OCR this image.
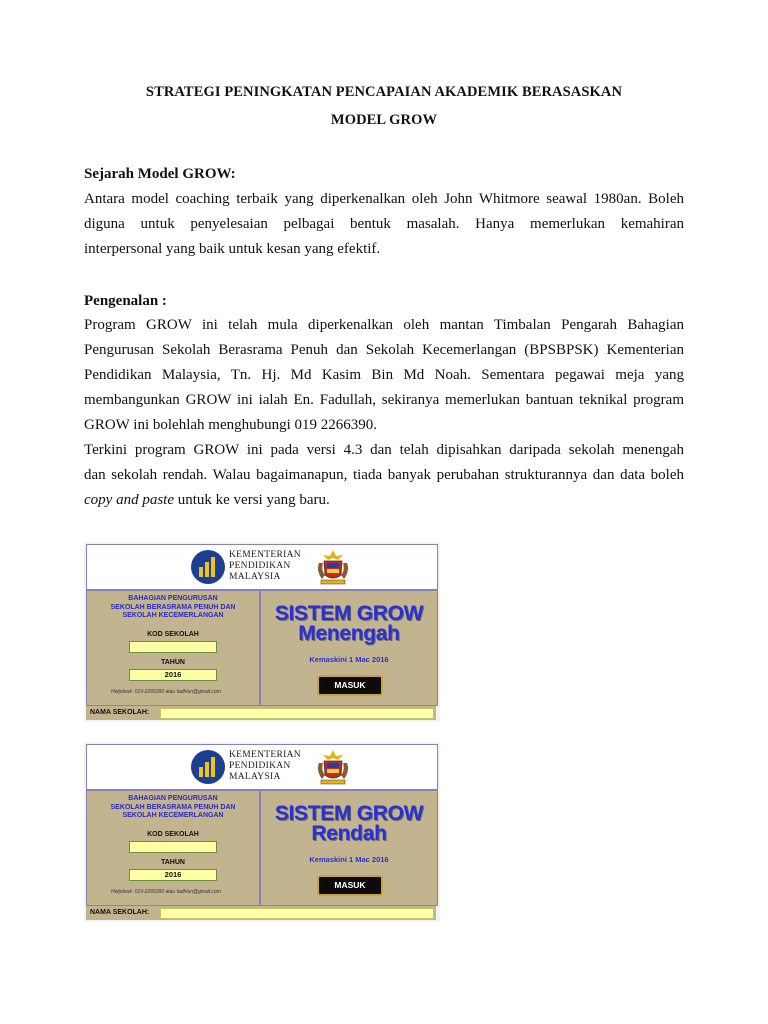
STRATEGI PENINGKATAN PENCAPAIAN AKADEMIK BERASASKAN
MODEL GROW
Sejarah Model GROW:
Antara model coaching terbaik yang diperkenalkan oleh John Whitmore seawal 1980an. Boleh
diguna untuk penyelesaian pelbagai bentuk masalah. Hanya memerlukan kemahiran
interpersonal yang baik untuk kesan yang efektif.
Pengenalan :
Program GROW ini telah mula diperkenalkan oleh mantan Timbalan Pengarah Bahagian
Pengurusan Sekolah Berasrama Penuh dan Sekolah Kecemerlangan (BPSBPSK) Kementerian
Pendidikan Malaysia, Tn. Hj. Md Kasim Bin Md Noah. Sementara pegawai meja yang
membangunkan GROW ini ialah En. Fadullah, sekiranya memerlukan bantuan teknikal program
GROW ini bolehlah menghubungi 019 2266390.
Terkini program GROW ini pada versi 4.3 dan telah dipisahkan daripada sekolah menengah
dan sekolah rendah. Walau bagaimanapun, tiada banyak perubahan strukturannya dan data boleh
copy and paste untuk ke versi yang baru.
KEMENTERIAN
PENDIDIKAN
MALAYSIA
BAHAGIAN PENGURUSAN
SEKOLAH BERASRAMA PENUH DAN
SEKOLAH KECEMERLANGAN
KOD SEKOLAH
TAHUN
2016
Helpdesk: 019-2266390 atau fadhlun@gmail.com
SISTEM GROW
Menengah
Kemaskini 1 Mac 2016
MASUK
NAMA SEKOLAH:
KEMENTERIAN
PENDIDIKAN
MALAYSIA
BAHAGIAN PENGURUSAN
SEKOLAH BERASRAMA PENUH DAN
SEKOLAH KECEMERLANGAN
KOD SEKOLAH
TAHUN
2016
Helpdesk: 019-2266390 atau fadhlun@gmail.com
SISTEM GROW
Rendah
Kemaskini 1 Mac 2016
MASUK
NAMA SEKOLAH:
